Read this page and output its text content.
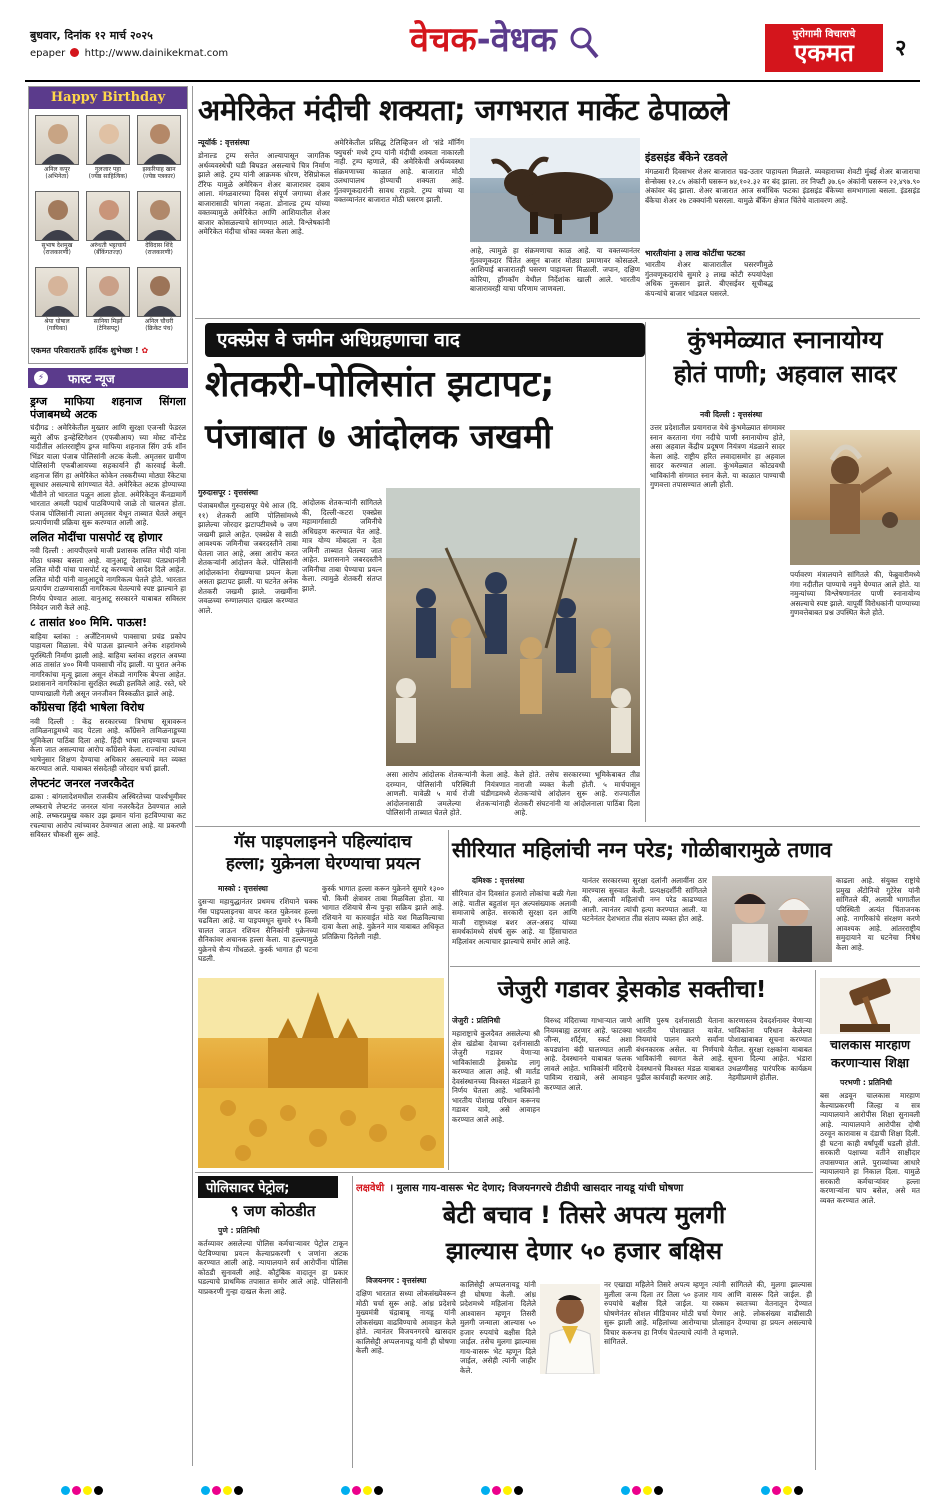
बुधवार, दिनांक १२ मार्च २०२५
epaper http://www.dainikekmat.com	वेचक-वेधक	पुरोगामी विचाराचे
एकमत	२
Happy Birthday
अनिल कपूर
(अभिनेता)
गुलजार पहा
(ज्येष्ठ साहित्यिक)
झकरियाह खान
(ज्येष्ठ पत्रकार)
सुभाष देशमुख
(राजकारणी)
अरुंधती भट्टाचार्य
(बँकिंगतज्ज्ञ)
देविदास शिंदे
(राजकारणी)
श्रेया घोषाल
(गायिका)
सानिया मिर्झा
(टेनिसपटू)
अनिल चौधरी
(क्रिकेट पंच)
एकमत परिवारातर्फे हार्दिक शुभेच्छा ! ✿
⚡	फास्ट न्यूज
ड्रग्ज माफिया शहनाज सिंगला पंजाबमध्ये अटक

चंदीगढ : अमेरिकेतील मुख्तार आणि सुरक्षा एजन्सी फेडरल ब्युरो ऑफ इन्व्हेस्टिगेशन (एफबीआय) च्या मोस्ट वॉन्टेड यादीतील आंतरराष्ट्रीय ड्रग्ज माफिया शहनाज सिंग उर्फ शॉन भिंडर याला पंजाब पोलिसांनी अटक केली. अमृतसर ग्रामीण पोलिसांनी एफबीआयच्या सहकार्याने ही कारवाई केली. शहनाज सिंग हा अमेरिकेत कोकेन तस्करीच्या मोठ्या रॅकेटचा सूत्रधार असल्याचे सांगण्यात येते. अमेरिकेत अटक होण्याच्या भीतीने तो भारतात पळून आला होता. अमेरिकेतून कॅनडामार्गे भारतात अमली पदार्थ पाठविण्याचे जाळे तो चालवत होता. पंजाब पोलिसांनी त्याला अमृतसर येथून ताब्यात घेतले असून प्रत्यार्पणाची प्रक्रिया सुरू करण्यात आली आहे.

ललित मोदींचा पासपोर्ट रद्द होणार

नवी दिल्ली : आयपीएलचे माजी प्रशासक ललित मोदी यांना मोठा धक्का बसला आहे. वानुआटू देशाच्या पंतप्रधानांनी ललित मोदी यांचा पासपोर्ट रद्द करण्याचे आदेश दिले आहेत. ललित मोदी यांनी वानुआटूचे नागरिकत्व घेतले होते. भारतात प्रत्यार्पण टाळण्यासाठी नागरिकत्व घेतल्याचे स्पष्ट झाल्याने हा निर्णय घेण्यात आला. वानुआटू सरकारने याबाबत सविस्तर निवेदन जारी केले आहे.

८ तासांत ४०० मिमि. पाऊस!

बाहिया ब्लांका : अर्जेंटिनामध्ये पावसाचा प्रचंड प्रकोप पाहायला मिळाला. येथे पाऊस झाल्याने अनेक शहरांमध्ये पूरस्थिती निर्माण झाली आहे. बाहिया ब्लांका शहरात अवघ्या आठ तासांत ४०० मिमी पावसाची नोंद झाली. या पुरात अनेक नागरिकांचा मृत्यू झाला असून शेकडो नागरिक बेपत्ता आहेत. प्रशासनाने नागरिकांना सुरक्षित स्थळी हलविले आहे. रस्ते, घरे पाण्याखाली गेली असून जनजीवन विस्कळीत झाले आहे.

काँग्रेसचा हिंदी भाषेला विरोध

नवी दिल्ली : केंद्र सरकारच्या त्रिभाषा सूत्रावरून तामिळनाडूमध्ये वाद पेटला आहे. काँग्रेसने तामिळनाडूच्या भूमिकेला पाठिंबा दिला आहे. हिंदी भाषा लादण्याचा प्रयत्न केला जात असल्याचा आरोप काँग्रेसने केला. राज्यांना त्यांच्या भाषेनुसार शिक्षण देण्याचा अधिकार असल्याचे मत व्यक्त करण्यात आले. याबाबत संसदेतही जोरदार चर्चा झाली.

लेफ्टनंट जनरल नजरकैदेत

ढाका : बांगलादेशमधील राजकीय अस्थिरतेच्या पार्श्वभूमीवर लष्कराचे लेफ्टनंट जनरल यांना नजरकैदेत ठेवण्यात आले आहे. लष्करप्रमुख वकार उझ झमान यांना हटविण्याचा कट रचल्याचा आरोप त्यांच्यावर ठेवण्यात आला आहे. या प्रकरणी सविस्तर चौकशी सुरू आहे.

अमेरिकेत मंदीची शक्यता; जगभरात मार्केट ढेपाळले
न्यूयॉर्क : वृत्तसंस्था

डोनाल्ड ट्रम्प सत्तेत आल्यापासून जागतिक अर्थव्यवस्थेची घडी बिघडत असल्याचे चित्र निर्माण झाले आहे. ट्रम्प यांनी आक्रमक धोरण, रेसिप्रोकल टॅरिफ यामुळे अमेरिकन शेअर बाजारावर दबाव आला. मंगळवारच्या दिवस संपूर्ण जगाच्या शेअर बाजारासाठी चांगला नव्हता. डोनाल्ड ट्रम्प यांच्या वक्तव्यामुळे अमेरिकेत आणि आशियातील शेअर बाजार कोसळल्याचे सांगण्यात आले. विश्लेषकांनी अमेरिकेत मंदीचा धोका व्यक्त केला आहे.

अमेरिकेतील प्रसिद्ध टेलिव्हिजन शो 'संडे मॉर्निंग फ्युचर्स' मध्ये ट्रम्प यांनी मंदीची शक्यता नाकारली नाही. ट्रम्प म्हणाले, की अमेरिकेची अर्थव्यवस्था संक्रमणाच्या काळात आहे. बाजारात मोठी उलथापालथ होण्याची शक्यता आहे. गुंतवणूकदारांनी सावध राहावे. ट्रम्प यांच्या या वक्तव्यानंतर बाजारात मोठी घसरण झाली.

आहे, त्यामुळे हा संक्रमणाचा काळ आहे. या वक्तव्यानंतर गुंतवणूकदार चिंतेत असून बाजार मोठ्या प्रमाणावर कोसळले. आशियाई बाजारातही घसरण पाहायला मिळाली. जपान, दक्षिण कोरिया, हाँगकाँग येथील निर्देशांक खाली आले. भारतीय बाजारावरही याचा परिणाम जाणवला.

इंडसइंड बँकेने रडवले
मंगळवारी दिवसभर शेअर बाजारात चढ-उतार पाहायला मिळाले. व्यवहाराच्या शेवटी मुंबई शेअर बाजाराचा सेन्सेक्स १२.८५ अंकांनी घसरून ७४,१०२.३२ वर बंद झाला. तर निफ्टी ३७.६० अंकांनी घसरून २२,४९७.९० अंकांवर बंद झाला. शेअर बाजारात आज सर्वाधिक फटका इंडसइंड बँकेच्या समभागाला बसला. इंडसइंड बँकेचा शेअर २७ टक्क्यांनी घसरला. यामुळे बँकिंग क्षेत्रात चिंतेचे वातावरण आहे.
भारतीयांना ३ लाख कोटींचा फटका
भारतीय शेअर बाजारातील घसरणीमुळे गुंतवणूकदारांचे सुमारे ३ लाख कोटी रुपयांपेक्षा अधिक नुकसान झाले. बीएसईवर सूचीबद्ध कंपन्यांचे बाजार भांडवल घसरले.
एक्स्प्रेस वे जमीन अधिग्रहणाचा वाद
शेतकरी-पोलिसांत झटापट;
पंजाबात ७ आंदोलक जखमी
गुरुदासपूर : वृत्तसंस्था

पंजाबमधील गुरुदासपूर येथे आज (दि. ११) शेतकरी आणि पोलिसांमध्ये झालेल्या जोरदार झटापटीमध्ये ७ जण जखमी झाले आहेत. एक्स्प्रेस वे साठी आवश्यक जमिनीचा जबरदस्तीने ताबा घेतला जात आहे, असा आरोप करत शेतकऱ्यांनी आंदोलन केले. पोलिसांनी आंदोलकांना रोखण्याचा प्रयत्न केला असता झटापट झाली. या घटनेत अनेक शेतकरी जखमी झाले. जखमींना जवळच्या रुग्णालयात दाखल करण्यात आले.

आंदोलक शेतकऱ्यांनी सांगितले की, दिल्ली-कटरा एक्स्प्रेस महामार्गासाठी जमिनीचे अधिग्रहण करण्यात येत आहे. मात्र योग्य मोबदला न देता जमिनी ताब्यात घेतल्या जात आहेत. प्रशासनाने जबरदस्तीने जमिनीचा ताबा घेण्याचा प्रयत्न केला. त्यामुळे शेतकरी संतप्त झाले.

असा आरोप आंदोलक शेतकऱ्यांनी केला आहे. दरम्यान, पोलिसांनी परिस्थिती नियंत्रणात आणली. यावेळी ५ मार्च रोजी चंडीगडमध्ये आंदोलनासाठी जमलेल्या शेतकऱ्यांनाही पोलिसांनी ताब्यात घेतले होते.

केले होते. तसेच सरकारच्या भूमिकेबाबत तीव्र नाराजी व्यक्त केली होती. ५ मार्चपासून शेतकऱ्यांचे आंदोलन सुरू आहे. राज्यातील शेतकरी संघटनांनी या आंदोलनाला पाठिंबा दिला आहे.

कुंभमेळ्यात स्नानायोग्य
होतं पाणी; अहवाल सादर
नवी दिल्ली : वृत्तसंस्था

उत्तर प्रदेशातील प्रयागराज येथे कुंभमेळ्यात संगमावर स्नान करताना गंगा नदीचे पाणी स्नानायोग्य होते, असा अहवाल केंद्रीय प्रदूषण नियंत्रण मंडळाने सादर केला आहे. राष्ट्रीय हरित लवादासमोर हा अहवाल सादर करण्यात आला. कुंभमेळ्यात कोट्यवधी भाविकांनी संगमात स्नान केले. या काळात पाण्याची गुणवत्ता तपासण्यात आली होती.

पर्यावरण मंत्रालयाने सांगितले की, फेब्रुवारीमध्ये गंगा नदीतील पाण्याचे नमुने घेण्यात आले होते. या नमुन्यांच्या विश्लेषणानंतर पाणी स्नानायोग्य असल्याचे स्पष्ट झाले. यापूर्वी विरोधकांनी पाण्याच्या गुणवत्तेबाबत प्रश्न उपस्थित केले होते.

गॅस पाइपलाइनने पहिल्यांदाच
हल्ला; युक्रेनला घेरण्याचा प्रयत्न
मास्को : वृत्तसंस्था

दुसऱ्या महायुद्धानंतर प्रथमच रशियाने चक्क गॅस पाइपलाइनचा वापर करत युक्रेनवर हल्ला चढविला आहे. या पाइपमधून सुमारे १५ किमी चालत जाऊन रशियन सैनिकांनी युक्रेनच्या सैनिकांवर अचानक हल्ला केला. या हल्ल्यामुळे युक्रेनचे सैन्य गोंधळले. कुर्स्क भागात ही घटना घडली.

कुर्स्क भागात हल्ला करून युक्रेनने सुमारे १३०० चौ. किमी क्षेत्रावर ताबा मिळविला होता. या भागात रशियाचे सैन्य पुन्हा सक्रिय झाले आहे. रशियाने या कारवाईत मोठे यश मिळविल्याचा दावा केला आहे. युक्रेनने मात्र याबाबत अधिकृत प्रतिक्रिया दिलेली नाही.

सीरियात महिलांची नग्न परेड; गोळीबारामुळे तणाव
दमिश्क : वृत्तसंस्था

सीरियात दोन दिवसांत हजारो लोकांचा बळी गेला आहे. यातील बहुतांश मृत अल्पसंख्याक अलावी समाजाचे आहेत. सरकारी सुरक्षा दल आणि माजी राष्ट्राध्यक्ष बशर अल-असद यांच्या समर्थकांमध्ये संघर्ष सुरू आहे. या हिंसाचारात महिलांवर अत्याचार झाल्याचे समोर आले आहे.

यानंतर सरकारच्या सुरक्षा दलांनी अलावींना ठार मारण्यास सुरुवात केली. प्रत्यक्षदर्शींनी सांगितले की, अलावी महिलांची नग्न परेड काढण्यात आली. त्यानंतर त्यांची हत्या करण्यात आली. या घटनेनंतर देशभरात तीव्र संताप व्यक्त होत आहे.

काढला आहे. संयुक्त राष्ट्रांचे प्रमुख अँटोनियो गुटेरेस यांनी सांगितले की, अलावी भागातील परिस्थिती अत्यंत चिंताजनक आहे. नागरिकांचे संरक्षण करणे आवश्यक आहे. आंतरराष्ट्रीय समुदायाने या घटनेचा निषेध केला आहे.

जेजुरी गडावर ड्रेसकोड सक्तीचा!
जेजुरी : प्रतिनिधी

महाराष्ट्राचे कुलदैवत असलेल्या श्री क्षेत्र खंडोबा देवाच्या दर्शनासाठी जेजुरी गडावर येणाऱ्या भाविकांसाठी ड्रेसकोड लागू करण्यात आला आहे. श्री मार्तंड देवसंस्थानच्या विश्वस्त मंडळाने हा निर्णय घेतला आहे. भाविकांनी भारतीय पोशाख परिधान करूनच गडावर यावे, असे आवाहन करण्यात आले आहे.

विरुध्द मंदिराच्या गाभाऱ्यात जाणे नियमबाह्य ठरणार आहे. फाटक्या जीन्स, शॉर्ट्स, स्कर्ट अशा कपड्यांना बंदी घालण्यात आली आहे. देवस्थानने याबाबत फलक लावले आहेत. भाविकांनी मंदिराचे पावित्र्य राखावे, असे आवाहन करण्यात आले.

आणि पुरुष दर्शनासाठी येताना भारतीय पोशाखात यावेत. नियमांचे पालन करणे सर्वांना बंधनकारक असेल. या निर्णयाचे भाविकांनी स्वागत केले आहे. देवस्थानचे विश्वस्त मंडळ याबाबत पुढील कार्यवाही करणार आहे.

कारणास्तव देवदर्शनावर येणाऱ्या भाविकांना परिधान केलेल्या पोशाखाबाबत सूचना करण्यात येतील. सुरक्षा रक्षकांना याबाबत सूचना दिल्या आहेत. भंडारा उधळणीसह पारंपरिक कार्यक्रम नेहमीप्रमाणे होतील.

चालकास मारहाण
करणाऱ्यास शिक्षा
परभणी : प्रतिनिधी

बस अडवून चालकास मारहाण केल्याप्रकरणी जिल्हा व सत्र न्यायालयाने आरोपीस शिक्षा सुनावली आहे. न्यायालयाने आरोपीस दोषी ठरवून कारावास व दंडाची शिक्षा दिली. ही घटना काही वर्षांपूर्वी घडली होती. सरकारी पक्षाच्या वतीने साक्षीदार तपासण्यात आले. पुराव्यांच्या आधारे न्यायालयाने हा निकाल दिला. यामुळे सरकारी कर्मचाऱ्यांवर हल्ला करणाऱ्यांना चाप बसेल, असे मत व्यक्त करण्यात आले.

पोलिसावर पेट्रोल;
९ जण कोठडीत
पुणे : प्रतिनिधी

कर्तव्यावर असलेल्या पोलिस कर्मचाऱ्यावर पेट्रोल टाकून पेटविण्याचा प्रयत्न केल्याप्रकरणी ९ जणांना अटक करण्यात आली आहे. न्यायालयाने सर्व आरोपींना पोलिस कोठडी सुनावली आहे. कौटुंबिक वादातून हा प्रकार घडल्याचे प्राथमिक तपासात समोर आले आहे. पोलिसांनी याप्रकरणी गुन्हा दाखल केला आहे.

लक्षवेधी । मुलास गाय-वासरू भेट देणार; विजयनगरचे टीडीपी खासदार नायडू यांची घोषणा
बेटी बचाव ! तिसरे अपत्य मुलगी
झाल्यास देणार ५० हजार बक्षिस
विजयनगर : वृत्तसंस्था

दक्षिण भारतात सध्या लोकसंख्येवरून मोठी चर्चा सुरू आहे. आंध्र प्रदेशचे मुख्यमंत्री चंद्राबाबू नायडू यांनी लोकसंख्या वाढविण्याचे आवाहन केले होते. त्यानंतर विजयनगरचे खासदार कालिसेट्टी अप्पलनायडू यांनी ही घोषणा केली आहे.

कालिसेट्टी अप्पलनायडू यांनी ही घोषणा केली. आंध्र प्रदेशमध्ये महिलांना दिलेले आश्वासन म्हणून तिसरी मुलगी जन्माला आल्यास ५० हजार रुपयांचे बक्षीस दिले जाईल. तसेच मुलगा झाल्यास गाय-वासरू भेट म्हणून दिले जाईल, असेही त्यांनी जाहीर केले.

नर एखाद्या महिलेने तिसरे अपत्य म्हणून मुलीला जन्म दिला तर तिला ५० हजार रुपयांचे बक्षीस दिले जाईल. या घोषणेनंतर सोशल मीडियावर मोठी चर्चा सुरू झाली आहे. महिलांच्या आरोग्याचा विचार करूनच हा निर्णय घेतल्याचे त्यांनी सांगितले.

त्यांनी सांगितले की, मुलगा झाल्यास गाय आणि वासरू दिले जाईल. ही रक्कम स्वतःच्या वेतनातून देण्यात येणार आहे. लोकसंख्या वाढीसाठी प्रोत्साहन देण्याचा हा प्रयत्न असल्याचे ते म्हणाले.
